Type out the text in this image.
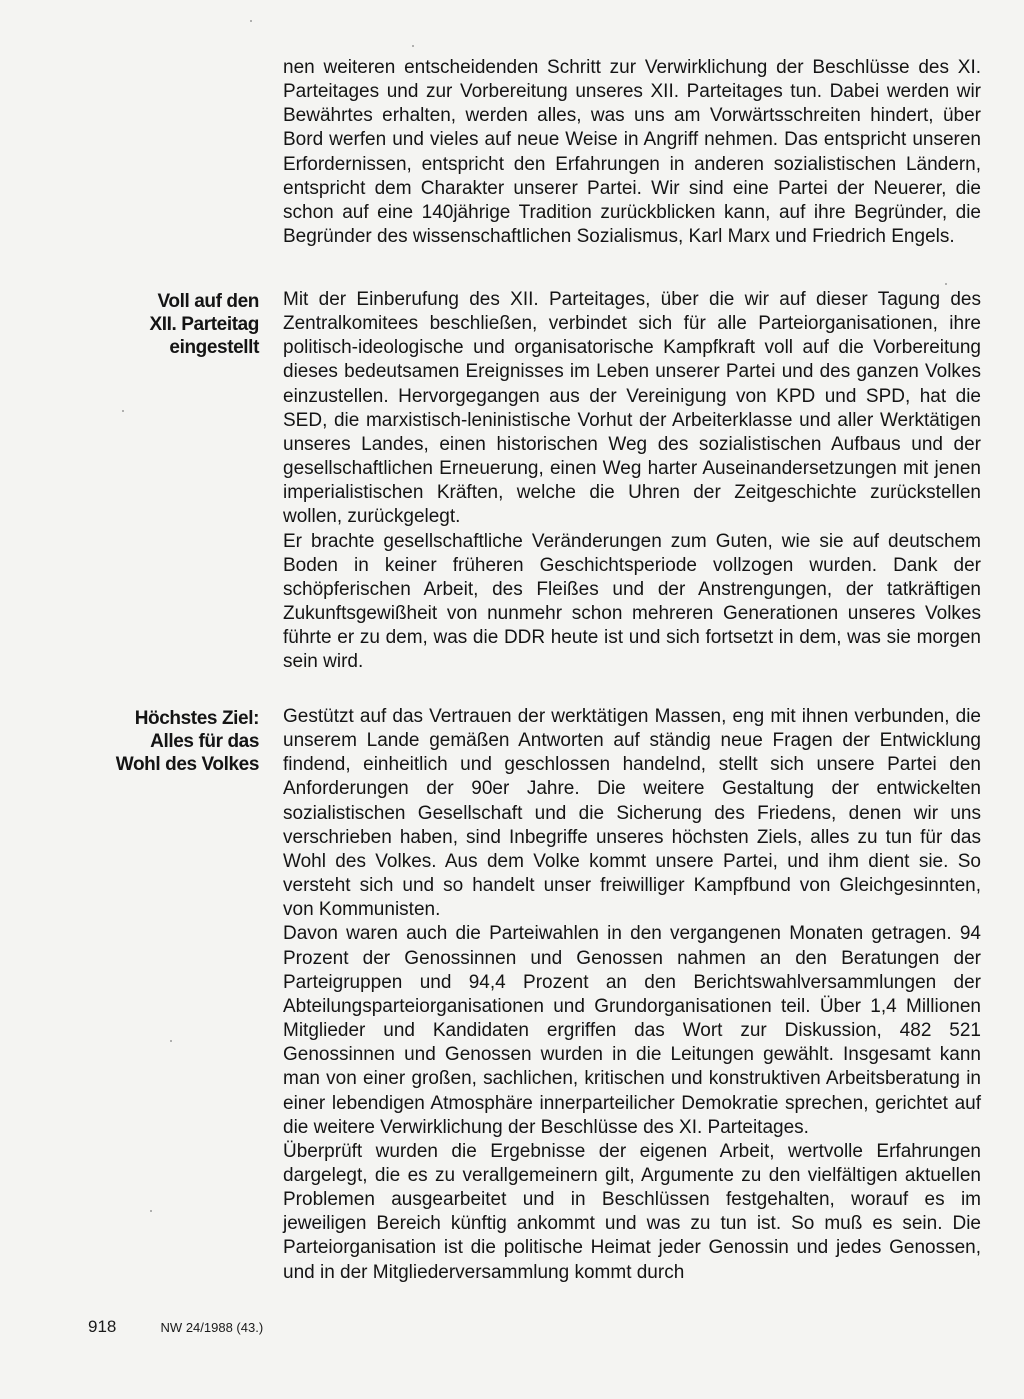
nen weiteren entscheidenden Schritt zur Verwirklichung der Beschlüsse des XI. Parteitages und zur Vorbereitung unseres XII. Parteitages tun. Dabei werden wir Bewährtes erhalten, werden alles, was uns am Vorwärtsschreiten hindert, über Bord werfen und vieles auf neue Weise in Angriff nehmen. Das entspricht unseren Erfordernissen, entspricht den Erfahrungen in anderen sozialistischen Ländern, entspricht dem Charakter unserer Partei. Wir sind eine Partei der Neuerer, die schon auf eine 140jährige Tradition zurückblicken kann, auf ihre Begründer, die Begründer des wissenschaftlichen Sozialismus, Karl Marx und Friedrich Engels.

Voll auf den
XII. Parteitag
eingestellt

Mit der Einberufung des XII. Parteitages, über die wir auf dieser Tagung des Zentralkomitees beschließen, verbindet sich für alle Parteiorganisationen, ihre politisch-ideologische und organisatorische Kampfkraft voll auf die Vorbereitung dieses bedeutsamen Ereignisses im Leben unserer Partei und des ganzen Volkes einzustellen. Hervorgegangen aus der Vereinigung von KPD und SPD, hat die SED, die marxistisch-leninistische Vorhut der Arbeiterklasse und aller Werktätigen unseres Landes, einen historischen Weg des sozialistischen Aufbaus und der gesellschaftlichen Erneuerung, einen Weg harter Auseinandersetzungen mit jenen imperialistischen Kräften, welche die Uhren der Zeitgeschichte zurückstellen wollen, zurückgelegt.

Er brachte gesellschaftliche Veränderungen zum Guten, wie sie auf deutschem Boden in keiner früheren Geschichtsperiode vollzogen wurden. Dank der schöpferischen Arbeit, des Fleißes und der Anstrengungen, der tatkräftigen Zukunftsgewißheit von nunmehr schon mehreren Generationen unseres Volkes führte er zu dem, was die DDR heute ist und sich fortsetzt in dem, was sie morgen sein wird.

Höchstes Ziel:
Alles für das
Wohl des Volkes

Gestützt auf das Vertrauen der werktätigen Massen, eng mit ihnen verbunden, die unserem Lande gemäßen Antworten auf ständig neue Fragen der Entwicklung findend, einheitlich und geschlossen handelnd, stellt sich unsere Partei den Anforderungen der 90er Jahre. Die weitere Gestaltung der entwickelten sozialistischen Gesellschaft und die Sicherung des Friedens, denen wir uns verschrieben haben, sind Inbegriffe unseres höchsten Ziels, alles zu tun für das Wohl des Volkes. Aus dem Volke kommt unsere Partei, und ihm dient sie. So versteht sich und so handelt unser freiwilliger Kampfbund von Gleichgesinnten, von Kommunisten.

Davon waren auch die Parteiwahlen in den vergangenen Monaten getragen. 94 Prozent der Genossinnen und Genossen nahmen an den Beratungen der Parteigruppen und 94,4 Prozent an den Berichtswahlversammlungen der Abteilungsparteiorganisationen und Grundorganisationen teil. Über 1,4 Millionen Mitglieder und Kandidaten ergriffen das Wort zur Diskussion, 482 521 Genossinnen und Genossen wurden in die Leitungen gewählt. Insgesamt kann man von einer großen, sachlichen, kritischen und konstruktiven Arbeitsberatung in einer lebendigen Atmosphäre innerparteilicher Demokratie sprechen, gerichtet auf die weitere Verwirklichung der Beschlüsse des XI. Parteitages.

Überprüft wurden die Ergebnisse der eigenen Arbeit, wertvolle Erfahrungen dargelegt, die es zu verallgemeinern gilt, Argumente zu den vielfältigen aktuellen Problemen ausgearbeitet und in Beschlüssen festgehalten, worauf es im jeweiligen Bereich künftig ankommt und was zu tun ist. So muß es sein. Die Parteiorganisation ist die politische Heimat jeder Genossin und jedes Genossen, und in der Mitgliederversammlung kommt durch

918	NW 24/1988 (43.)
